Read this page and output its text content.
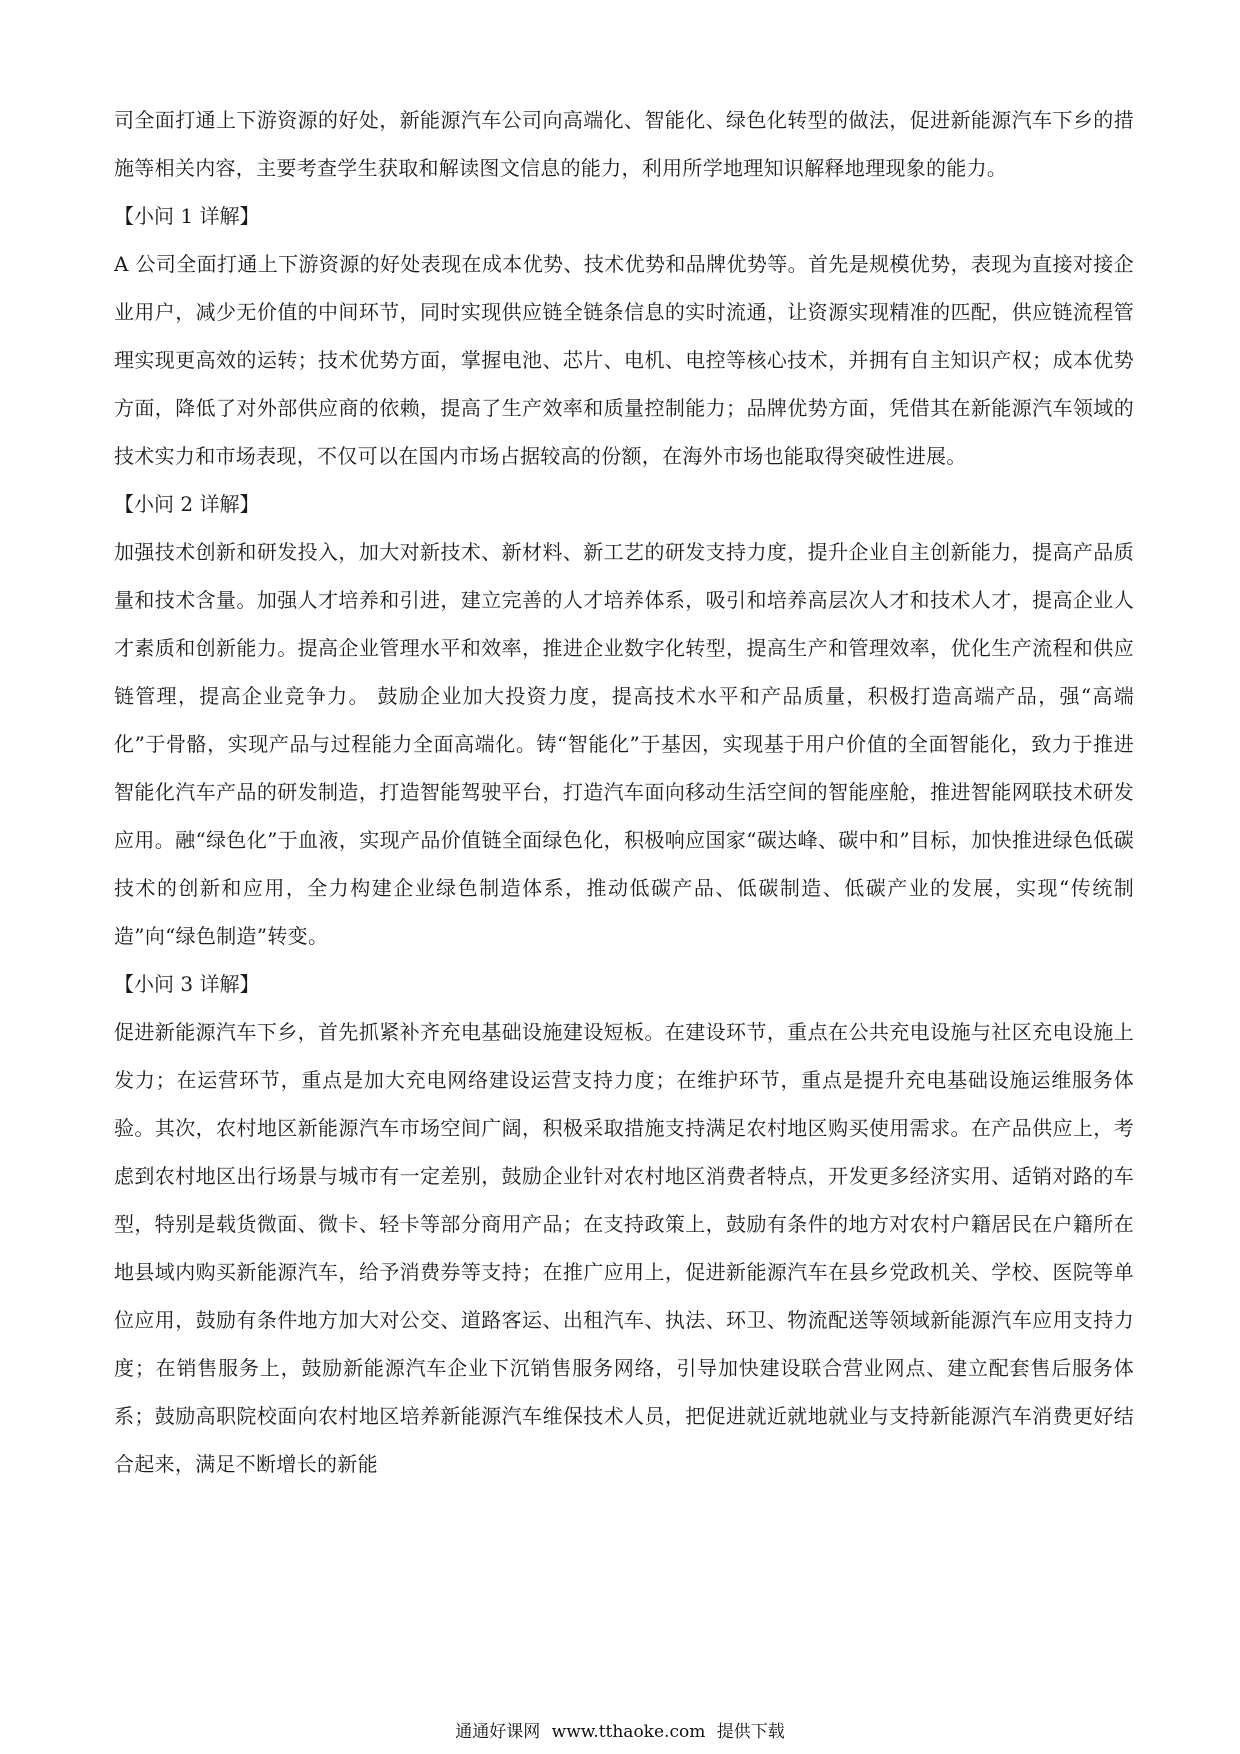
司全面打通上下游资源的好处，新能源汽车公司向高端化、智能化、绿色化转型的做法，促进新能源汽车下乡的措施等相关内容，主要考查学生获取和解读图文信息的能力，利用所学地理知识解释地理现象的能力。

【小问 1 详解】

A 公司全面打通上下游资源的好处表现在成本优势、技术优势和品牌优势等。首先是规模优势，表现为直接对接企业用户，减少无价值的中间环节，同时实现供应链全链条信息的实时流通，让资源实现精准的匹配，供应链流程管理实现更高效的运转；技术优势方面，掌握电池、芯片、电机、电控等核心技术，并拥有自主知识产权；成本优势方面，降低了对外部供应商的依赖，提高了生产效率和质量控制能力；品牌优势方面，凭借其在新能源汽车领域的技术实力和市场表现，不仅可以在国内市场占据较高的份额，在海外市场也能取得突破性进展。

【小问 2 详解】

加强技术创新和研发投入，加大对新技术、新材料、新工艺的研发支持力度，提升企业自主创新能力，提高产品质量和技术含量。加强人才培养和引进，建立完善的人才培养体系，吸引和培养高层次人才和技术人才，提高企业人才素质和创新能力。提高企业管理水平和效率，推进企业数字化转型，提高生产和管理效率，优化生产流程和供应链管理，提高企业竞争力。 鼓励企业加大投资力度，提高技术水平和产品质量，积极打造高端产品，强“高端化”于骨骼，实现产品与过程能力全面高端化。铸“智能化”于基因，实现基于用户价值的全面智能化，致力于推进智能化汽车产品的研发制造，打造智能驾驶平台，打造汽车面向移动生活空间的智能座舱，推进智能网联技术研发应用。融“绿色化”于血液，实现产品价值链全面绿色化，积极响应国家“碳达峰、碳中和”目标，加快推进绿色低碳技术的创新和应用，全力构建企业绿色制造体系，推动低碳产品、低碳制造、低碳产业的发展，实现“传统制造”向“绿色制造”转变。

【小问 3 详解】

促进新能源汽车下乡，首先抓紧补齐充电基础设施建设短板。在建设环节，重点在公共充电设施与社区充电设施上发力；在运营环节，重点是加大充电网络建设运营支持力度；在维护环节，重点是提升充电基础设施运维服务体验。其次，农村地区新能源汽车市场空间广阔，积极采取措施支持满足农村地区购买使用需求。在产品供应上，考虑到农村地区出行场景与城市有一定差别，鼓励企业针对农村地区消费者特点，开发更多经济实用、适销对路的车型，特别是载货微面、微卡、轻卡等部分商用产品；在支持政策上，鼓励有条件的地方对农村户籍居民在户籍所在地县域内购买新能源汽车，给予消费券等支持；在推广应用上，促进新能源汽车在县乡党政机关、学校、医院等单位应用，鼓励有条件地方加大对公交、道路客运、出租汽车、执法、环卫、物流配送等领域新能源汽车应用支持力度；在销售服务上，鼓励新能源汽车企业下沉销售服务网络，引导加快建设联合营业网点、建立配套售后服务体系；鼓励高职院校面向农村地区培养新能源汽车维保技术人员，把促进就近就地就业与支持新能源汽车消费更好结合起来，满足不断增长的新能

通通好课网 www.tthaoke.com 提供下载
